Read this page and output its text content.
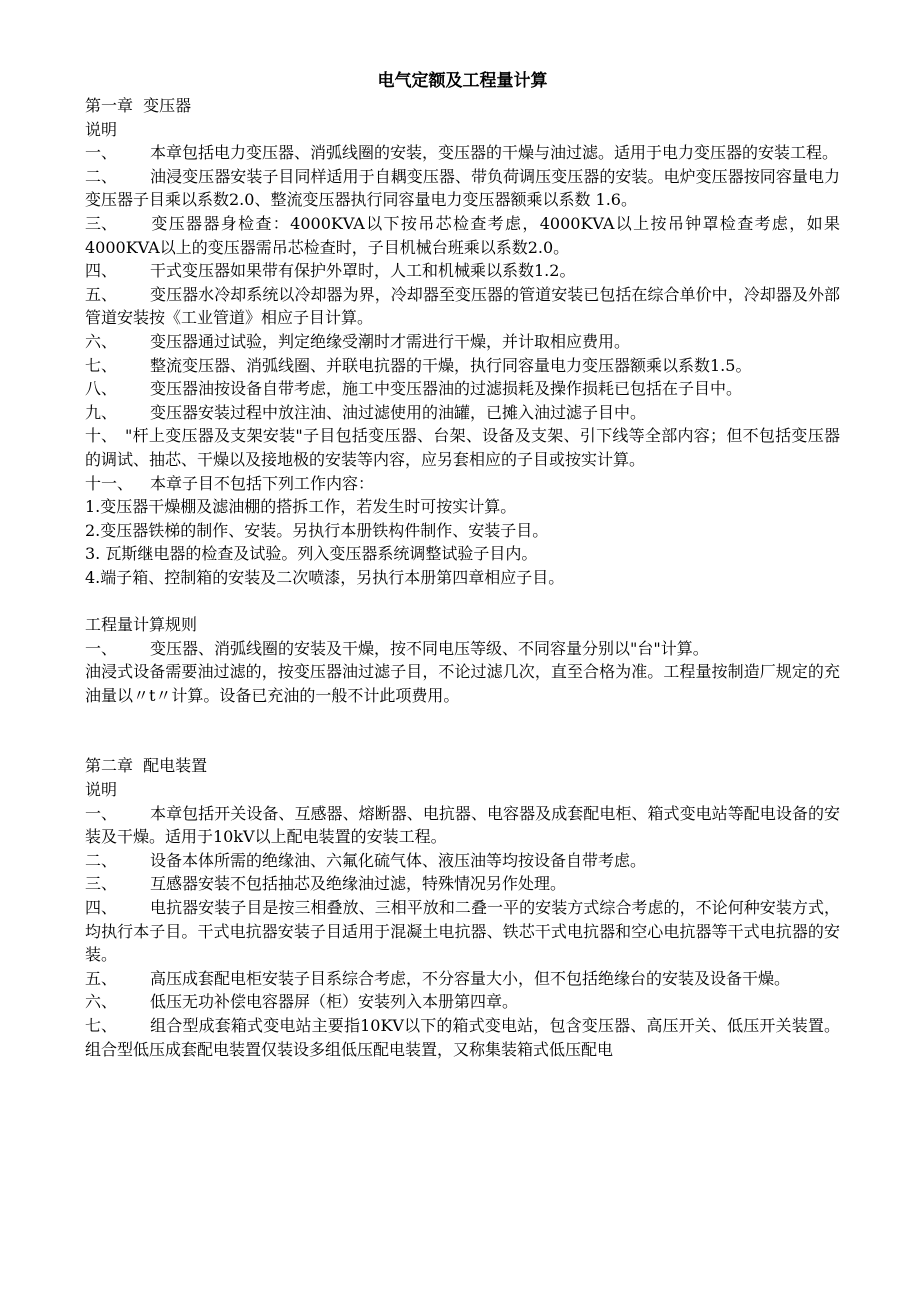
电气定额及工程量计算
第一章  变压器
说明
一、 本章包括电力变压器、消弧线圈的安装，变压器的干燥与油过滤。适用于电力变压器的安装工程。
二、 油浸变压器安装子目同样适用于自耦变压器、带负荷调压变压器的安装。电炉变压器按同容量电力变压器子目乘以系数2.0、整流变压器执行同容量电力变压器额乘以系数 1.6。
三、 变压器器身检查：4000KVA以下按吊芯检查考虑，4000KVA以上按吊钟罩检查考虑，如果4000KVA以上的变压器需吊芯检查时，子目机械台班乘以系数2.0。
四、 干式变压器如果带有保护外罩时，人工和机械乘以系数1.2。
五、 变压器水冷却系统以冷却器为界，冷却器至变压器的管道安装已包括在综合单价中，冷却器及外部管道安装按《工业管道》相应子目计算。
六、 变压器通过试验，判定绝缘受潮时才需进行干燥，并计取相应费用。
七、 整流变压器、消弧线圈、并联电抗器的干燥，执行同容量电力变压器额乘以系数1.5。
八、 变压器油按设备自带考虑，施工中变压器油的过滤损耗及操作损耗已包括在子目中。
九、 变压器安装过程中放注油、油过滤使用的油罐，已摊入油过滤子目中。
十、 "杆上变压器及支架安装"子目包括变压器、台架、设备及支架、引下线等全部内容；但不包括变压器的调试、抽芯、干燥以及接地极的安装等内容，应另套相应的子目或按实计算。
十一、 本章子目不包括下列工作内容：
1.变压器干燥棚及滤油棚的搭拆工作，若发生时可按实计算。
2.变压器铁梯的制作、安装。另执行本册铁构件制作、安装子目。
3. 瓦斯继电器的检查及试验。列入变压器系统调整试验子目内。
4.端子箱、控制箱的安装及二次喷漆，另执行本册第四章相应子目。
工程量计算规则
一、 变压器、消弧线圈的安装及干燥，按不同电压等级、不同容量分别以"台"计算。
油浸式设备需要油过滤的，按变压器油过滤子目，不论过滤几次，直至合格为准。工程量按制造厂规定的充油量以〃t〃计算。设备已充油的一般不计此项费用。
第二章  配电装置
说明
一、 本章包括开关设备、互感器、熔断器、电抗器、电容器及成套配电柜、箱式变电站等配电设备的安装及干燥。适用于10kV以上配电装置的安装工程。
二、 设备本体所需的绝缘油、六氟化硫气体、液压油等均按设备自带考虑。
三、 互感器安装不包括抽芯及绝缘油过滤，特殊情况另作处理。
四、 电抗器安装子目是按三相叠放、三相平放和二叠一平的安装方式综合考虑的，不论何种安装方式，均执行本子目。干式电抗器安装子目适用于混凝土电抗器、铁芯干式电抗器和空心电抗器等干式电抗器的安装。
五、 高压成套配电柜安装子目系综合考虑，不分容量大小，但不包括绝缘台的安装及设备干燥。
六、 低压无功补偿电容器屏（柜）安装列入本册第四章。
七、 组合型成套箱式变电站主要指10KV以下的箱式变电站，包含变压器、高压开关、低压开关装置。组合型低压成套配电装置仅装设多组低压配电装置，又称集装箱式低压配电
